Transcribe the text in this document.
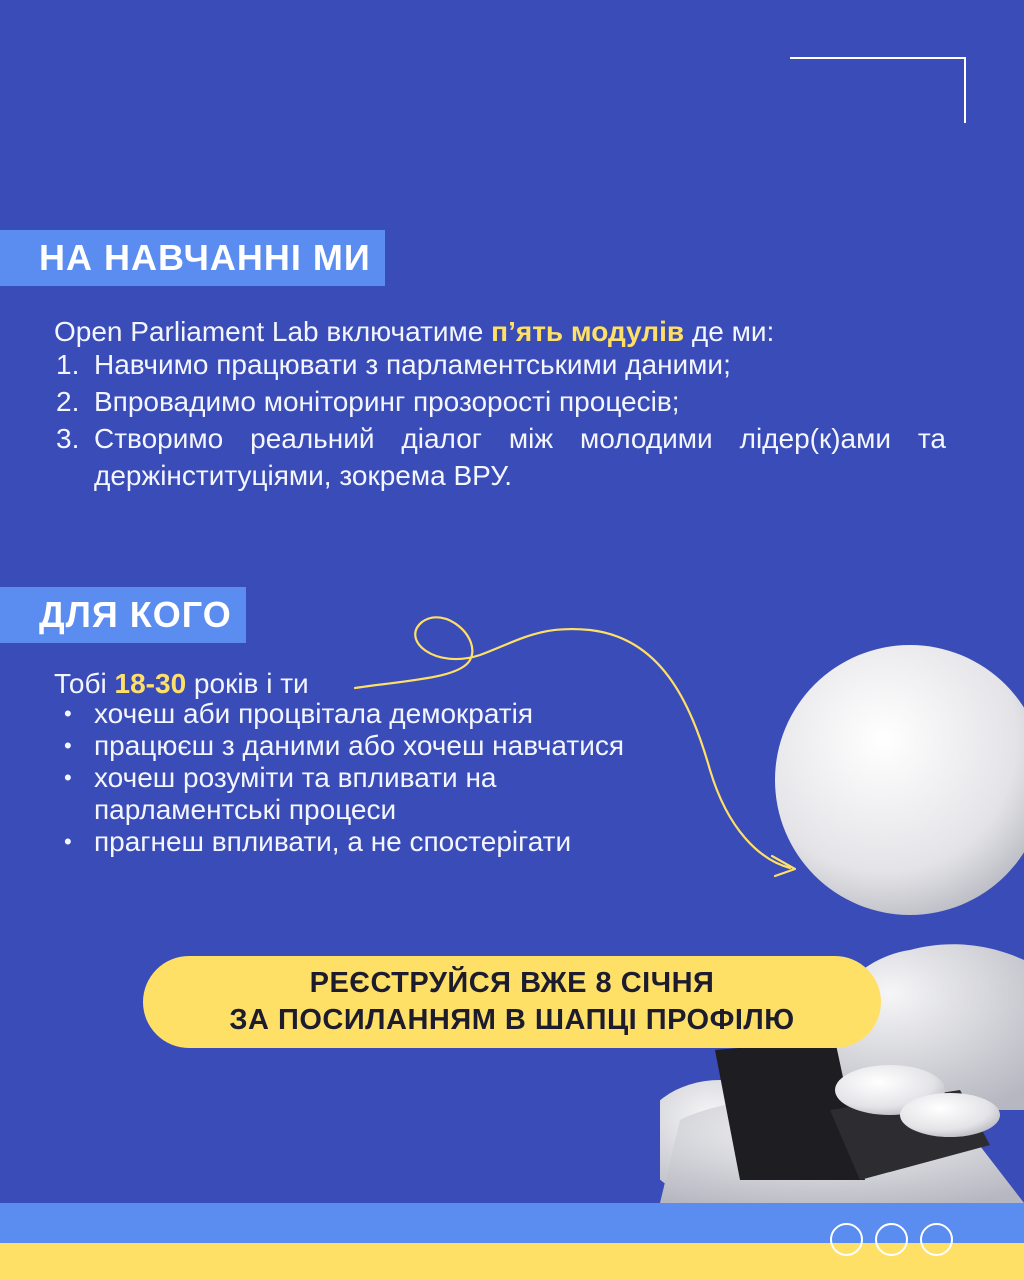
НА НАВЧАННІ МИ
Open Parliament Lab включатиме п’ять модулів де ми:
1. Навчимо працювати з парламентськими даними;
2. Впровадимо моніторинг прозорості процесів;
3. Створимо реальний діалог між молодими лідер(к)ами та держінституціями, зокрема ВРУ.
ДЛЯ КОГО
Тобі 18-30 років і ти
• хочеш аби процвітала демократія
• працюєш з даними або хочеш навчатися
• хочеш розуміти та впливати на парламентські процеси
• прагнеш впливати, а не спостерігати
РЕЄСТРУЙСЯ ВЖЕ 8 СІЧНЯ
ЗА ПОСИЛАННЯМ В ШАПЦІ ПРОФІЛЮ
